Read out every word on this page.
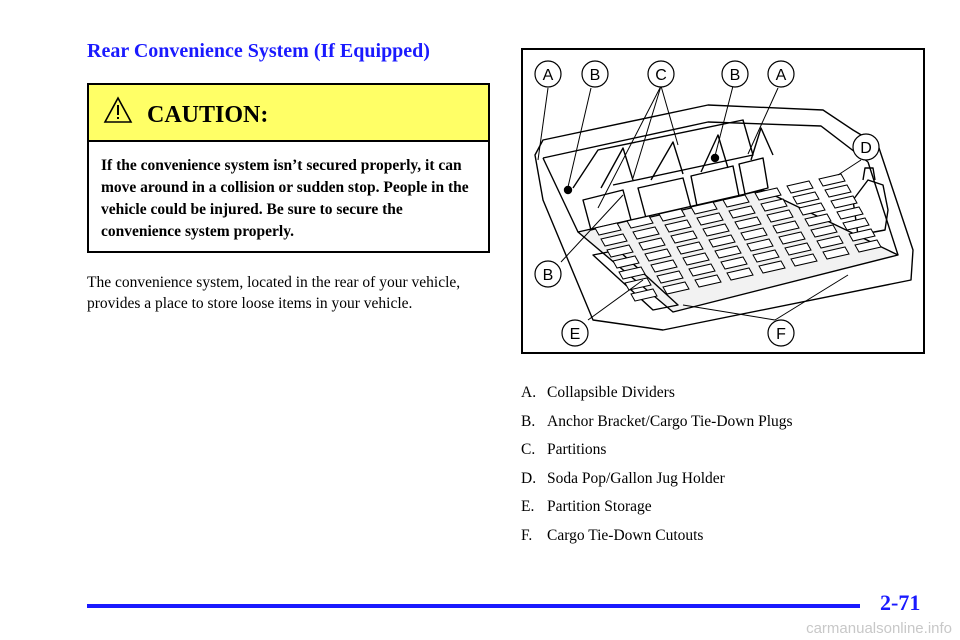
Rear Convenience System (If Equipped)
CAUTION:
If the convenience system isn’t secured properly, it can move around in a collision or sudden stop. People in the vehicle could be injured. Be sure to secure the convenience system properly.
The convenience system, located in the rear of your vehicle, provides a place to store loose items in your vehicle.
A B	C	B A
D
B
E	F
A. Collapsible Dividers
B. Anchor Bracket/Cargo Tie‑Down Plugs
C. Partitions
D. Soda Pop/Gallon Jug Holder
E. Partition Storage
F. Cargo Tie‑Down Cutouts
2-71
carmanualsonline.info
